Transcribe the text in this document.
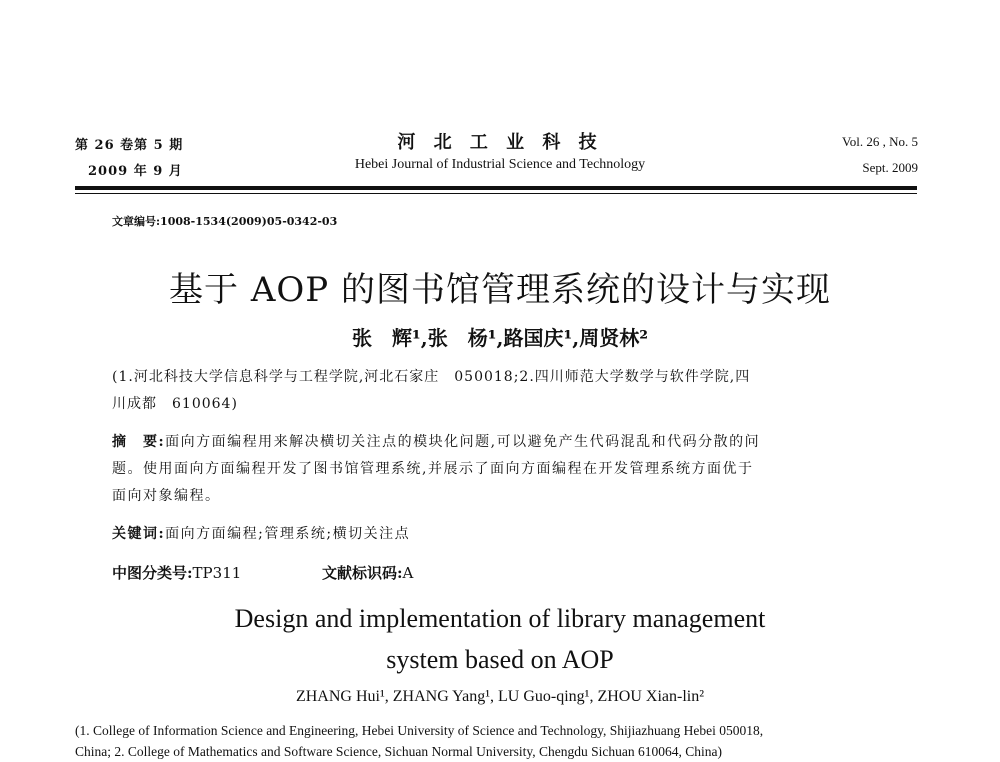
第 26 卷第 5 期
2009 年 9 月
河 北 工 业 科 技
Hebei Journal of Industrial Science and Technology
Vol. 26 , No. 5
Sept. 2009
文章编号:1008-1534(2009)05-0342-03
基于 AOP 的图书馆管理系统的设计与实现
张　辉¹,张　杨¹,路国庆¹,周贤林²
(1.河北科技大学信息科学与工程学院,河北石家庄　050018;2.四川师范大学数学与软件学院,四
川成都　610064)
摘　要:面向方面编程用来解决横切关注点的模块化问题,可以避免产生代码混乱和代码分散的问
题。使用面向方面编程开发了图书馆管理系统,并展示了面向方面编程在开发管理系统方面优于
面向对象编程。
关键词:面向方面编程;管理系统;横切关注点
中图分类号:TP311	文献标识码:A
Design and implementation of library management
system based on AOP
ZHANG Hui¹, ZHANG Yang¹, LU Guo-qing¹, ZHOU Xian-lin²
(1. College of Information Science and Engineering, Hebei University of Science and Technology, Shijiazhuang Hebei 050018,
China; 2. College of Mathematics and Software Science, Sichuan Normal University, Chengdu Sichuan 610064, China)
